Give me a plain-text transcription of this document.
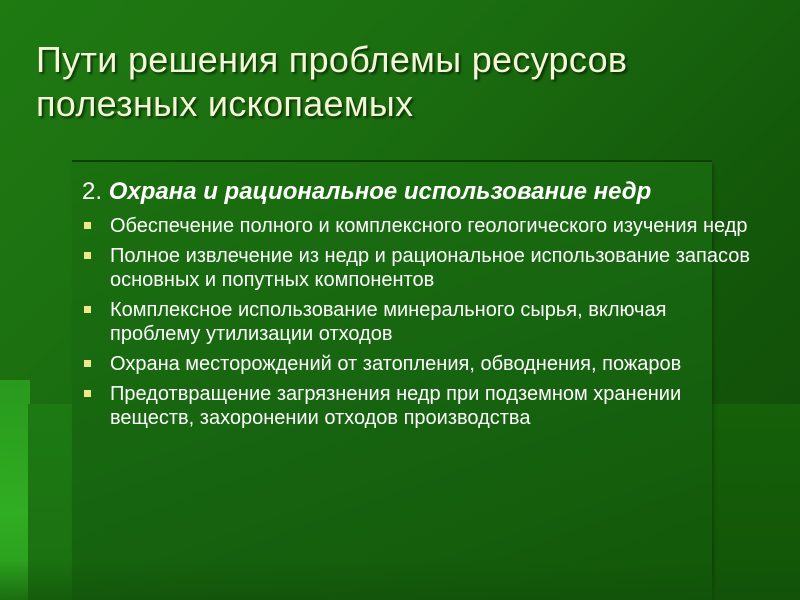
Пути решения проблемы ресурсов полезных ископаемых
2. Охрана и рациональное использование недр
Обеспечение полного и комплексного геологического изучения недр
Полное извлечение из недр и рациональное использование запасов основных и попутных компонентов
Комплексное использование минерального сырья, включая проблему утилизации отходов
Охрана месторождений от затопления, обводнения, пожаров
Предотвращение загрязнения недр при подземном хранении веществ, захоронении отходов производства
